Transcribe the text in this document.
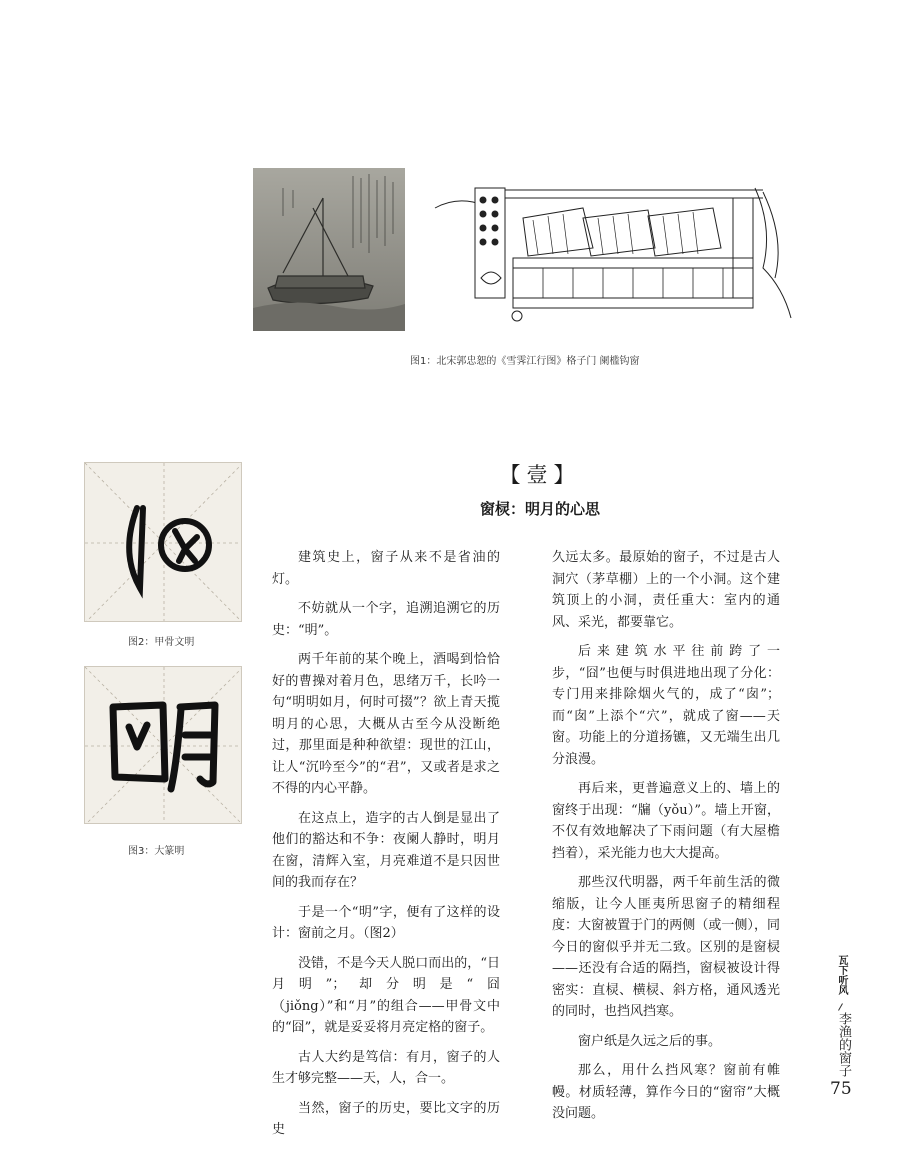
图1：北宋郭忠恕的《雪霁江行图》格子门 阑槛钩窗
图2：甲骨文明
图3：大篆明
【壹】
窗棂：明月的心思

建筑史上，窗子从来不是省油的灯。

不妨就从一个字，追溯追溯它的历史：“明”。

两千年前的某个晚上，酒喝到恰恰好的曹操对着月色，思绪万千，长吟一句“明明如月，何时可掇”？欲上青天揽明月的心思，大概从古至今从没断绝过，那里面是种种欲望：现世的江山，让人“沉吟至今”的“君”，又或者是求之不得的内心平静。

在这点上，造字的古人倒是显出了他们的豁达和不争：夜阑人静时，明月在窗，清辉入室，月亮难道不是只因世间的我而存在？

于是一个“明”字，便有了这样的设计：窗前之月。（图2）

没错，不是今天人脱口而出的，“日月明”；却分明是“囧（jiǒng）”和“月”的组合——甲骨文中的“囧”，就是妥妥将月亮定格的窗子。

古人大约是笃信：有月，窗子的人生才够完整——天，人，合一。

当然，窗子的历史，要比文字的历史

久远太多。最原始的窗子，不过是古人洞穴（茅草棚）上的一个小洞。这个建筑顶上的小洞，责任重大：室内的通风、采光，都要靠它。

后来建筑水平往前跨了一步，“囧”也便与时俱进地出现了分化：专门用来排除烟火气的，成了“囱”；而“囱”上添个“穴”，就成了窗——天窗。功能上的分道扬镳，又无端生出几分浪漫。

再后来，更普遍意义上的、墙上的窗终于出现：“牖（yǒu）”。墙上开窗，不仅有效地解决了下雨问题（有大屋檐挡着），采光能力也大大提高。

那些汉代明器，两千年前生活的微缩版，让今人匪夷所思窗子的精细程度：大窗被置于门的两侧（或一侧），同今日的窗似乎并无二致。区别的是窗棂——还没有合适的隔挡，窗棂被设计得密实：直棂、横棂、斜方格，通风透光的同时，也挡风挡寒。

窗户纸是久远之后的事。

那么，用什么挡风寒？窗前有帷幔。材质轻薄，算作今日的“窗帘”大概没问题。

瓦下听风
李渔的窗子
75
